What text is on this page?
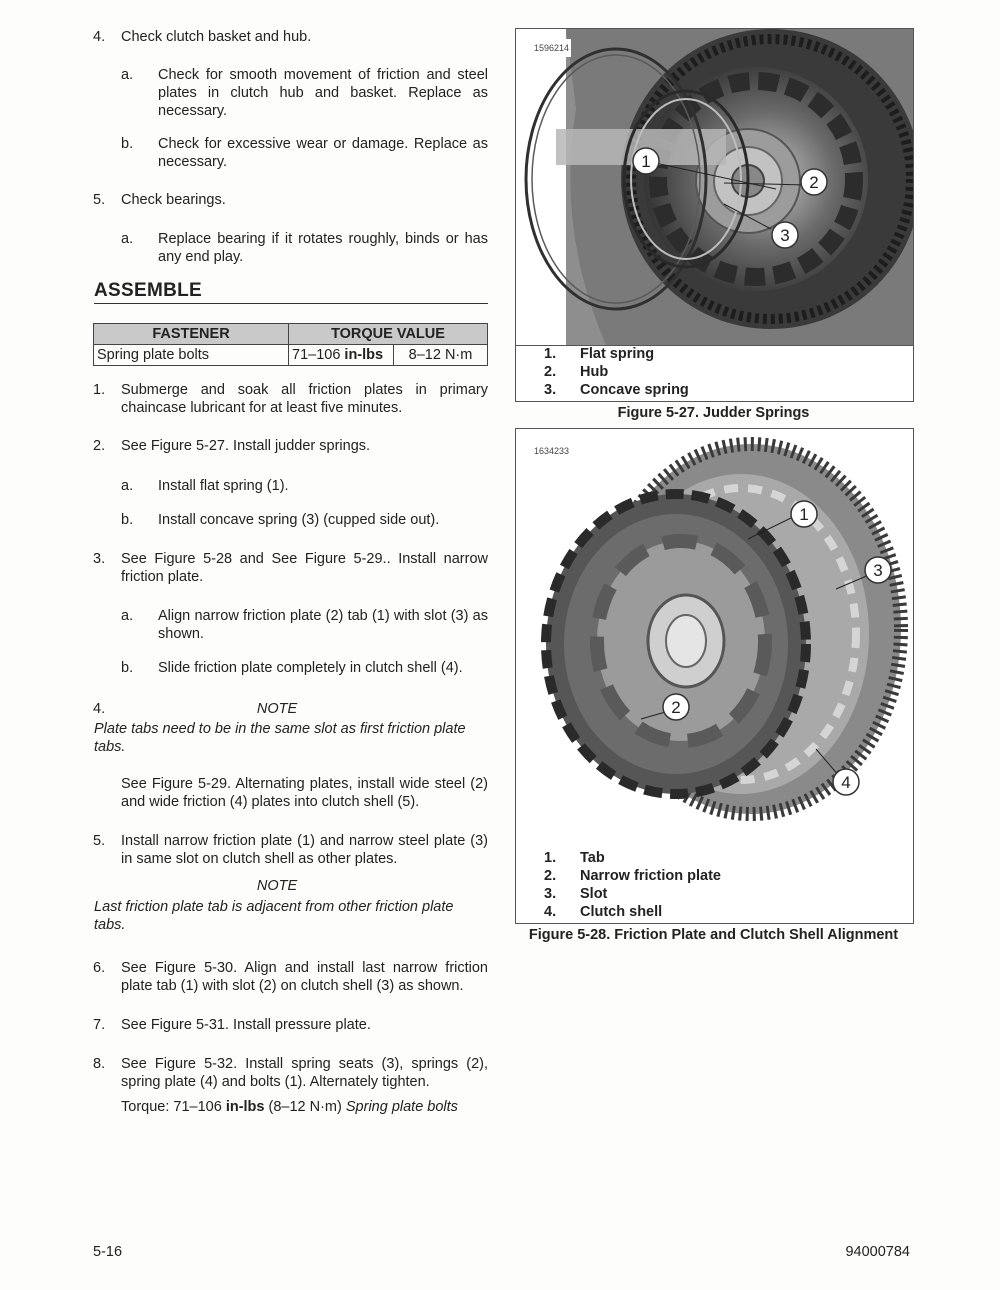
4. Check clutch basket and hub.
a. Check for smooth movement of friction and steel plates in clutch hub and basket. Replace as necessary.
b. Check for excessive wear or damage. Replace as necessary.
5. Check bearings.
a. Replace bearing if it rotates roughly, binds or has any end play.
ASSEMBLE
FASTENER	TORQUE VALUE	
Spring plate bolts	71–106 in-lbs	8–12 N·m
1. Submerge and soak all friction plates in primary chaincase lubricant for at least five minutes.
2. See Figure 5-27. Install judder springs.
a. Install flat spring (1).
b. Install concave spring (3) (cupped side out).
3. See Figure 5-28 and See Figure 5-29.. Install narrow friction plate.
a. Align narrow friction plate (2) tab (1) with slot (3) as shown.
b. Slide friction plate completely in clutch shell (4).
4.	NOTE
Plate tabs need to be in the same slot as first friction plate tabs.
See Figure 5-29. Alternating plates, install wide steel (2) and wide friction (4) plates into clutch shell (5).
5. Install narrow friction plate (1) and narrow steel plate (3) in same slot on clutch shell as other plates.
NOTE
Last friction plate tab is adjacent from other friction plate tabs.
6. See Figure 5-30. Align and install last narrow friction plate tab (1) with slot (2) on clutch shell (3) as shown.
7. See Figure 5-31. Install pressure plate.
8. See Figure 5-32. Install spring seats (3), springs (2), spring plate (4) and bolts (1). Alternately tighten.
Torque: 71–106 in-lbs (8–12 N·m) Spring plate bolts
1
2
3
1596214
1. Flat spring
2. Hub
3. Concave spring
Figure 5-27. Judder Springs
1
3
2
4
1634233
1. Tab
2. Narrow friction plate
3. Slot
4. Clutch shell
Figure 5-28. Friction Plate and Clutch Shell Alignment
5-16	94000784
